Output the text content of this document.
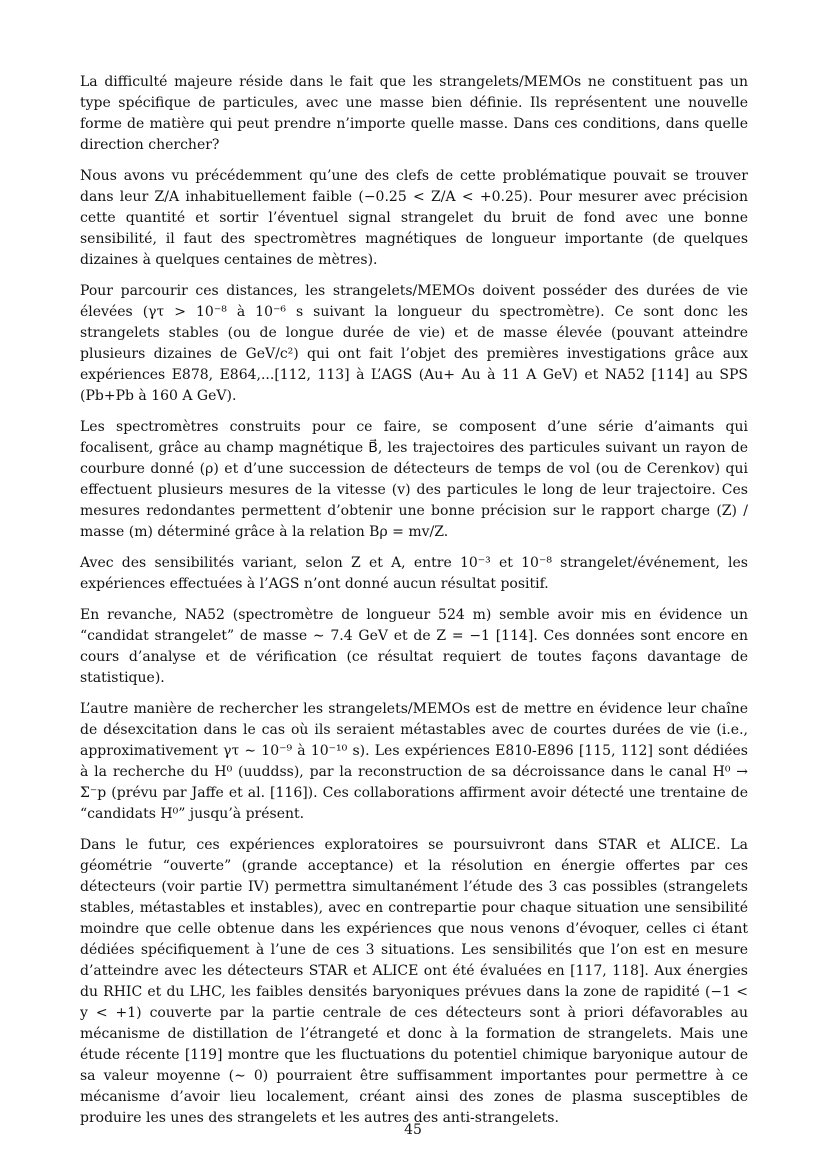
La difficulté majeure réside dans le fait que les strangelets/MEMOs ne constituent pas un type spécifique de particules, avec une masse bien définie. Ils représentent une nouvelle forme de matière qui peut prendre n’importe quelle masse. Dans ces conditions, dans quelle direction chercher?

Nous avons vu précédemment qu’une des clefs de cette problématique pouvait se trouver dans leur Z/A inhabituellement faible (−0.25 < Z/A < +0.25). Pour mesurer avec précision cette quantité et sortir l’éventuel signal strangelet du bruit de fond avec une bonne sensibilité, il faut des spectromètres magnétiques de longueur importante (de quelques dizaines à quelques centaines de mètres).

Pour parcourir ces distances, les strangelets/MEMOs doivent posséder des durées de vie élevées (γτ > 10⁻⁸ à 10⁻⁶ s suivant la longueur du spectromètre). Ce sont donc les strangelets stables (ou de longue durée de vie) et de masse élevée (pouvant atteindre plusieurs dizaines de GeV/c²) qui ont fait l’objet des premières investigations grâce aux expériences E878, E864,...[112, 113] à L’AGS (Au+ Au à 11 A GeV) et NA52 [114] au SPS (Pb+Pb à 160 A GeV).

Les spectromètres construits pour ce faire, se composent d’une série d’aimants qui focalisent, grâce au champ magnétique B⃗, les trajectoires des particules suivant un rayon de courbure donné (ρ) et d’une succession de détecteurs de temps de vol (ou de Cerenkov) qui effectuent plusieurs mesures de la vitesse (v) des particules le long de leur trajectoire. Ces mesures redondantes permettent d’obtenir une bonne précision sur le rapport charge (Z) / masse (m) déterminé grâce à la relation Bρ = mv/Z.

Avec des sensibilités variant, selon Z et A, entre 10⁻³ et 10⁻⁸ strangelet/événement, les expériences effectuées à l’AGS n’ont donné aucun résultat positif.

En revanche, NA52 (spectromètre de longueur 524 m) semble avoir mis en évidence un “candidat strangelet” de masse ∼ 7.4 GeV et de Z = −1 [114]. Ces données sont encore en cours d’analyse et de vérification (ce résultat requiert de toutes façons davantage de statistique).

L’autre manière de rechercher les strangelets/MEMOs est de mettre en évidence leur chaîne de désexcitation dans le cas où ils seraient métastables avec de courtes durées de vie (i.e., approximativement γτ ∼ 10⁻⁹ à 10⁻¹⁰ s). Les expériences E810-E896 [115, 112] sont dédiées à la recherche du H⁰ (uuddss), par la reconstruction de sa décroissance dans le canal H⁰ → Σ⁻p (prévu par Jaffe et al. [116]). Ces collaborations affirment avoir détecté une trentaine de “candidats H⁰” jusqu’à présent.

Dans le futur, ces expériences exploratoires se poursuivront dans STAR et ALICE. La géométrie “ouverte” (grande acceptance) et la résolution en énergie offertes par ces détecteurs (voir partie IV) permettra simultanément l’étude des 3 cas possibles (strangelets stables, métastables et instables), avec en contrepartie pour chaque situation une sensibilité moindre que celle obtenue dans les expériences que nous venons d’évoquer, celles ci étant dédiées spécifiquement à l’une de ces 3 situations. Les sensibilités que l’on est en mesure d’atteindre avec les détecteurs STAR et ALICE ont été évaluées en [117, 118]. Aux énergies du RHIC et du LHC, les faibles densités baryoniques prévues dans la zone de rapidité (−1 < y < +1) couverte par la partie centrale de ces détecteurs sont à priori défavorables au mécanisme de distillation de l’étrangeté et donc à la formation de strangelets. Mais une étude récente [119] montre que les fluctuations du potentiel chimique baryonique autour de sa valeur moyenne (∼ 0) pourraient être suffisamment importantes pour permettre à ce mécanisme d’avoir lieu localement, créant ainsi des zones de plasma susceptibles de produire les unes des strangelets et les autres des anti-strangelets.

45
